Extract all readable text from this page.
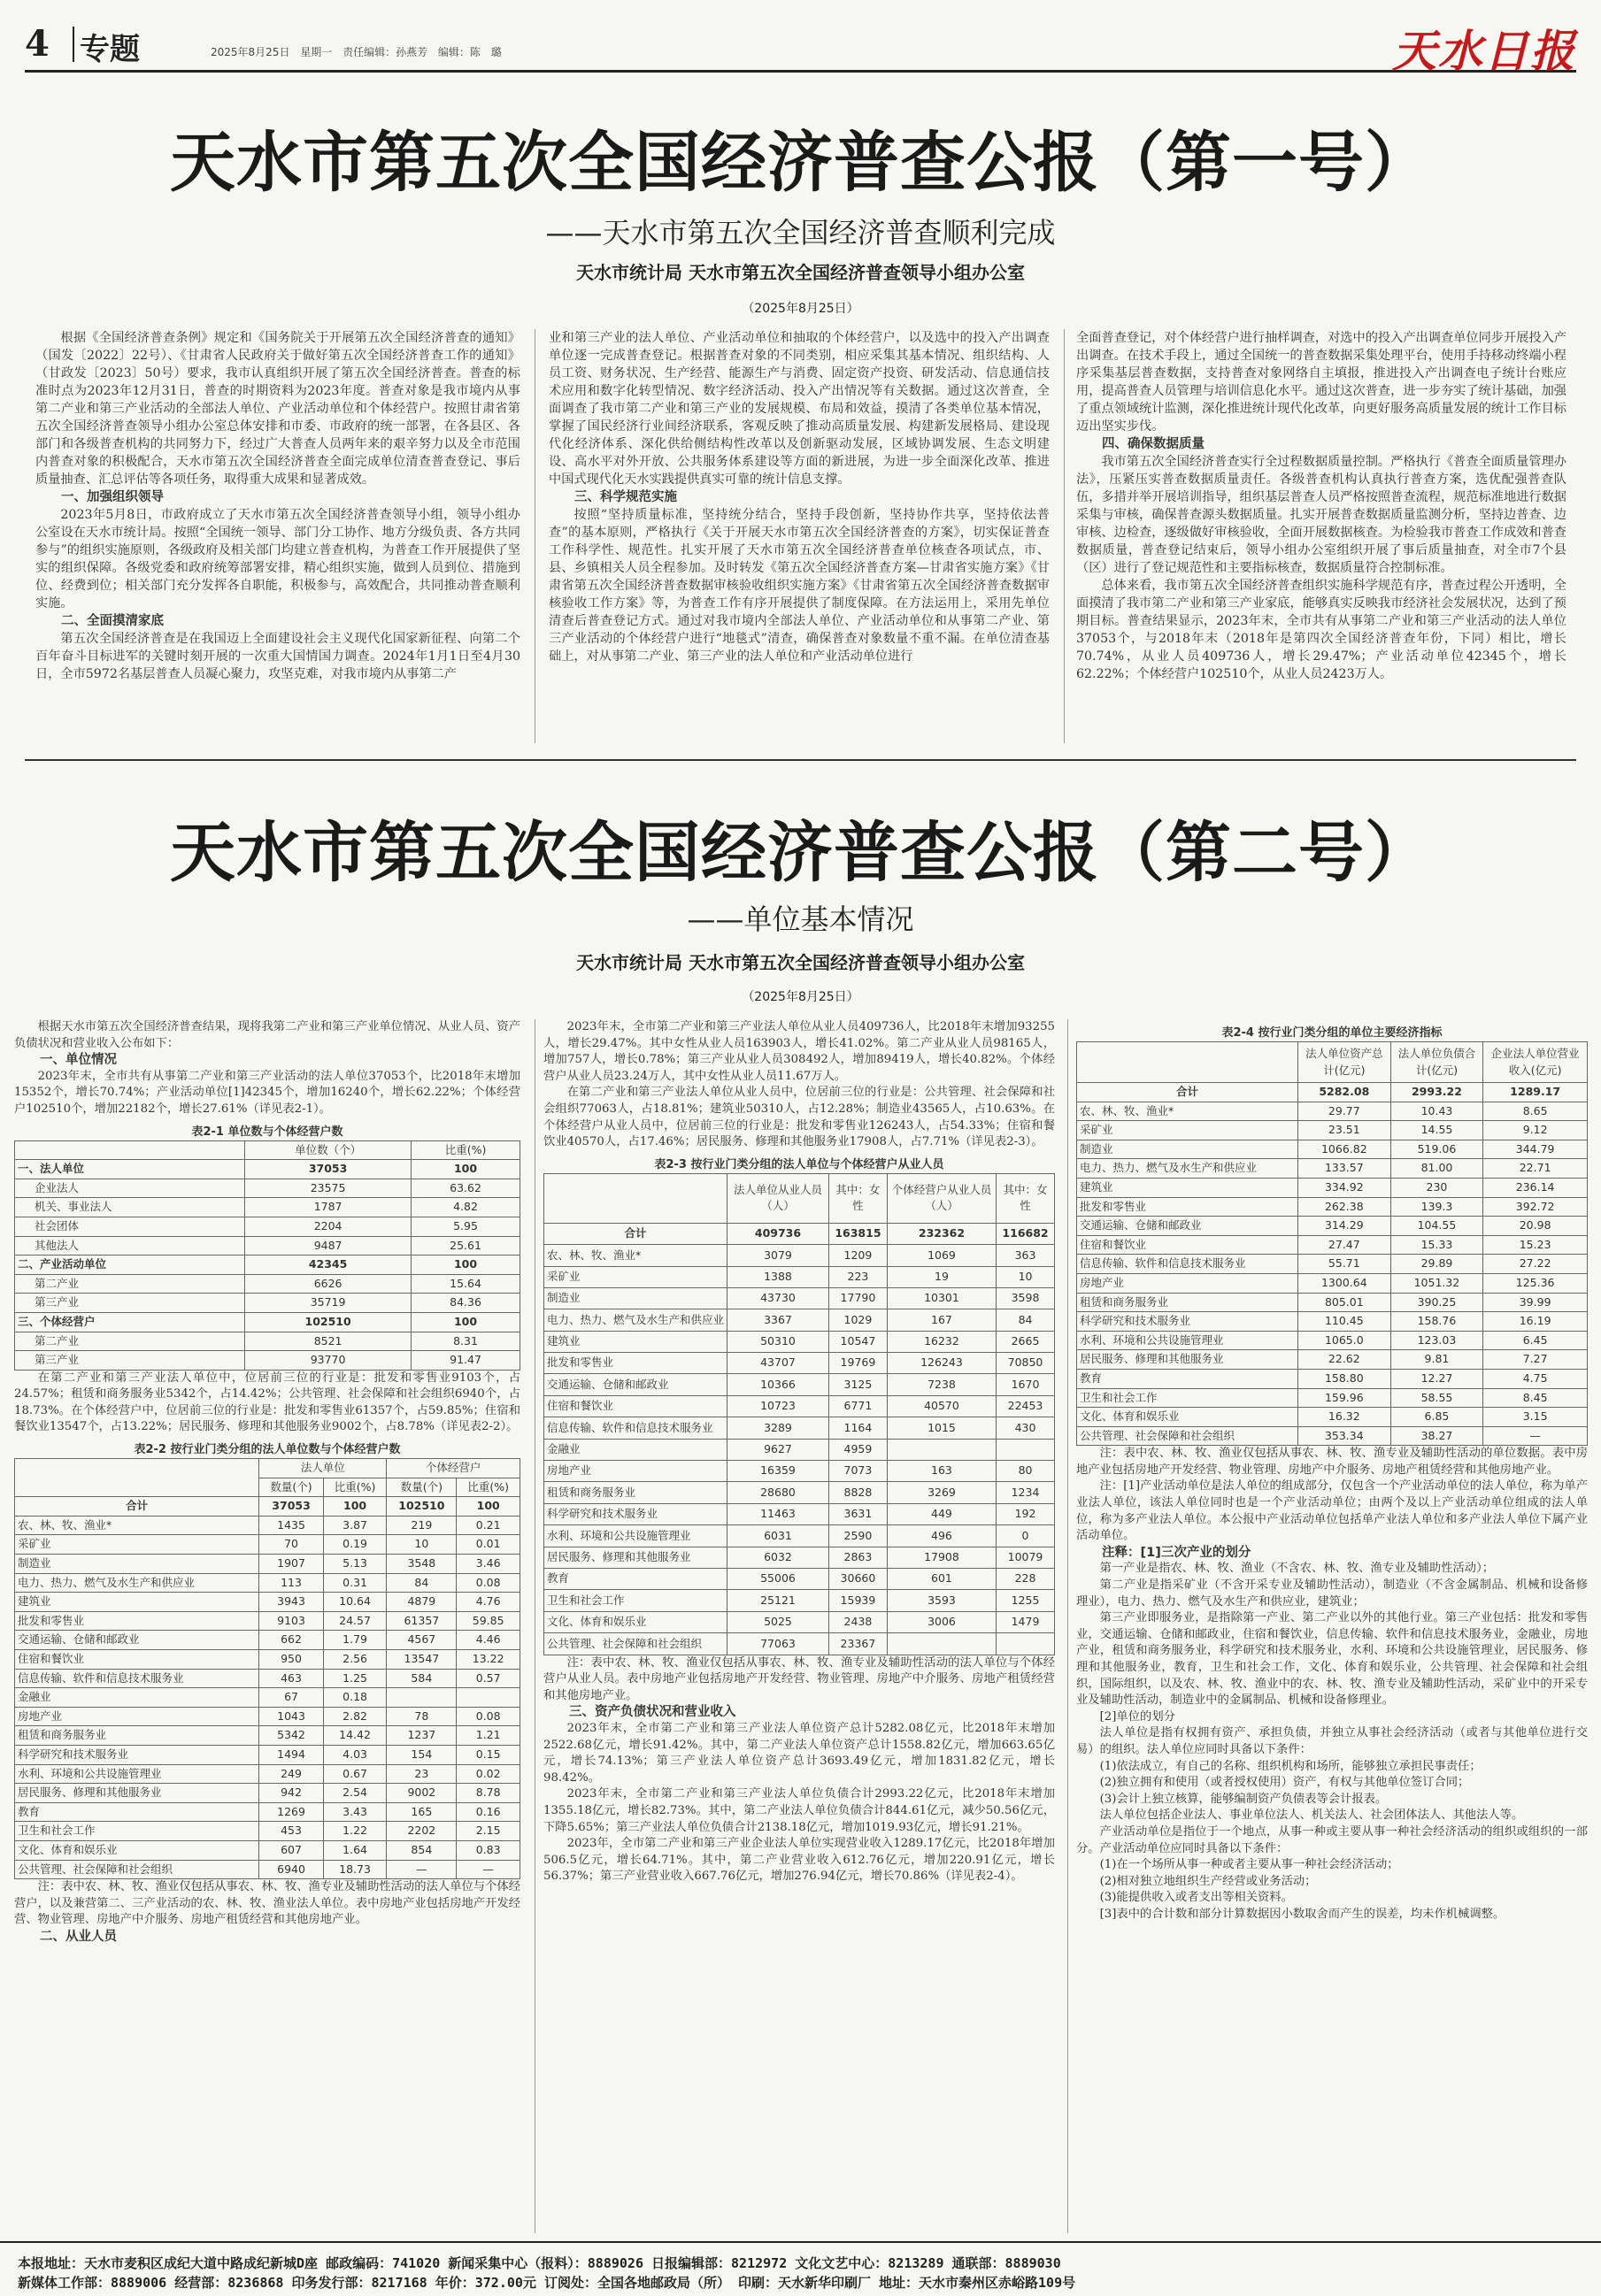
4 专题	2025年8月25日 星期一 责任编辑：孙燕芳 编辑：陈 璐	天水日报
天水市第五次全国经济普查公报（第一号）
——天水市第五次全国经济普查顺利完成
天水市统计局 天水市第五次全国经济普查领导小组办公室
（2025年8月25日）

根据《全国经济普查条例》规定和《国务院关于开展第五次全国经济普查的通知》（国发〔2022〕22号）、《甘肃省人民政府关于做好第五次全国经济普查工作的通知》（甘政发〔2023〕50号）要求，我市认真组织开展了第五次全国经济普查。普查的标准时点为2023年12月31日，普查的时期资料为2023年度。普查对象是我市境内从事第二产业和第三产业活动的全部法人单位、产业活动单位和个体经营户。按照甘肃省第五次全国经济普查领导小组办公室总体安排和市委、市政府的统一部署，在各县区、各部门和各级普查机构的共同努力下，经过广大普查人员两年来的艰辛努力以及全市范围内普查对象的积极配合，天水市第五次全国经济普查全面完成单位清查普查登记、事后质量抽查、汇总评估等各项任务，取得重大成果和显著成效。

一、加强组织领导

2023年5月8日，市政府成立了天水市第五次全国经济普查领导小组，领导小组办公室设在天水市统计局。按照“全国统一领导、部门分工协作、地方分级负责、各方共同参与”的组织实施原则，各级政府及相关部门均建立普查机构，为普查工作开展提供了坚实的组织保障。各级党委和政府统筹部署安排，精心组织实施，做到人员到位、措施到位、经费到位；相关部门充分发挥各自职能，积极参与，高效配合，共同推动普查顺利实施。

二、全面摸清家底

第五次全国经济普查是在我国迈上全面建设社会主义现代化国家新征程、向第二个百年奋斗目标进军的关键时刻开展的一次重大国情国力调查。2024年1月1日至4月30日，全市5972名基层普查人员凝心聚力，攻坚克难，对我市境内从事第二产

业和第三产业的法人单位、产业活动单位和抽取的个体经营户，以及选中的投入产出调查单位逐一完成普查登记。根据普查对象的不同类别，相应采集其基本情况、组织结构、人员工资、财务状况、生产经营、能源生产与消费、固定资产投资、研发活动、信息通信技术应用和数字化转型情况、数字经济活动、投入产出情况等有关数据。通过这次普查，全面调查了我市第二产业和第三产业的发展规模、布局和效益，摸清了各类单位基本情况，掌握了国民经济行业间经济联系，客观反映了推动高质量发展、构建新发展格局、建设现代化经济体系、深化供给侧结构性改革以及创新驱动发展，区域协调发展、生态文明建设、高水平对外开放、公共服务体系建设等方面的新进展，为进一步全面深化改革、推进中国式现代化天水实践提供真实可靠的统计信息支撑。

三、科学规范实施

按照“坚持质量标准，坚持统分结合，坚持手段创新，坚持协作共享，坚持依法普查”的基本原则，严格执行《关于开展天水市第五次全国经济普查的方案》，切实保证普查工作科学性、规范性。扎实开展了天水市第五次全国经济普查单位核查各项试点，市、县、乡镇相关人员全程参加。及时转发《第五次全国经济普查方案—甘肃省实施方案》《甘肃省第五次全国经济普查数据审核验收组织实施方案》《甘肃省第五次全国经济普查数据审核验收工作方案》等，为普查工作有序开展提供了制度保障。在方法运用上，采用先单位清查后普查登记方式。通过对我市境内全部法人单位、产业活动单位和从事第二产业、第三产业活动的个体经营户进行“地毯式”清查，确保普查对象数量不重不漏。在单位清查基础上，对从事第二产业、第三产业的法人单位和产业活动单位进行

全面普查登记，对个体经营户进行抽样调查，对选中的投入产出调查单位同步开展投入产出调查。在技术手段上，通过全国统一的普查数据采集处理平台，使用手持移动终端小程序采集基层普查数据，支持普查对象网络自主填报，推进投入产出调查电子统计台账应用，提高普查人员管理与培训信息化水平。通过这次普查，进一步夯实了统计基础，加强了重点领域统计监测，深化推进统计现代化改革，向更好服务高质量发展的统计工作目标迈出坚实步伐。

四、确保数据质量

我市第五次全国经济普查实行全过程数据质量控制。严格执行《普查全面质量管理办法》，压紧压实普查数据质量责任。各级普查机构认真执行普查方案，选优配强普查队伍，多措并举开展培训指导，组织基层普查人员严格按照普查流程，规范标准地进行数据采集与审核，确保普查源头数据质量。扎实开展普查数据质量监测分析，坚持边普查、边审核、边检查，逐级做好审核验收，全面开展数据核查。为检验我市普查工作成效和普查数据质量，普查登记结束后，领导小组办公室组织开展了事后质量抽查，对全市7个县（区）进行了登记规范性和主要指标核查，数据质量符合控制标准。

总体来看，我市第五次全国经济普查组织实施科学规范有序，普查过程公开透明，全面摸清了我市第二产业和第三产业家底，能够真实反映我市经济社会发展状况，达到了预期目标。普查结果显示，2023年末，全市共有从事第二产业和第三产业活动的法人单位37053个，与2018年末（2018年是第四次全国经济普查年份，下同）相比，增长70.74%，从业人员409736人，增长29.47%；产业活动单位42345个，增长62.22%；个体经营户102510个，从业人员2423万人。

天水市第五次全国经济普查公报（第二号）
——单位基本情况
天水市统计局 天水市第五次全国经济普查领导小组办公室
（2025年8月25日）

根据天水市第五次全国经济普查结果，现将我第二产业和第三产业单位情况、从业人员、资产负债状况和营业收入公布如下：

一、单位情况

2023年末，全市共有从事第二产业和第三产业活动的法人单位37053个，比2018年末增加15352个，增长70.74%；产业活动单位[1]42345个，增加16240个，增长62.22%；个体经营户102510个，增加22182个，增长27.61%（详见表2-1）。

表2-1 单位数与个体经营户数
	单位数（个）	比重(%)
一、法人单位	37053	100
企业法人	23575	63.62
机关、事业法人	1787	4.82
社会团体	2204	5.95
其他法人	9487	25.61
二、产业活动单位	42345	100
第二产业	6626	15.64
第三产业	35719	84.36
三、个体经营户	102510	100
第二产业	8521	8.31
第三产业	93770	91.47

在第二产业和第三产业法人单位中，位居前三位的行业是：批发和零售业9103个，占24.57%；租赁和商务服务业5342个，占14.42%；公共管理、社会保障和社会组织6940个，占18.73%。在个体经营户中，位居前三位的行业是：批发和零售业61357个，占59.85%；住宿和餐饮业13547个，占13.22%；居民服务、修理和其他服务业9002个，占8.78%（详见表2-2）。

表2-2 按行业门类分组的法人单位数与个体经营户数
	法人单位		个体经营户	
	数量(个)	比重(%)	数量(个)	比重(%)
合计	37053	100	102510	100
农、林、牧、渔业*	1435	3.87	219	0.21
采矿业	70	0.19	10	0.01
制造业	1907	5.13	3548	3.46
电力、热力、燃气及水生产和供应业	113	0.31	84	0.08
建筑业	3943	10.64	4879	4.76
批发和零售业	9103	24.57	61357	59.85
交通运输、仓储和邮政业	662	1.79	4567	4.46
住宿和餐饮业	950	2.56	13547	13.22
信息传输、软件和信息技术服务业	463	1.25	584	0.57
金融业	67	0.18		
房地产业	1043	2.82	78	0.08
租赁和商务服务业	5342	14.42	1237	1.21
科学研究和技术服务业	1494	4.03	154	0.15
水利、环境和公共设施管理业	249	0.67	23	0.02
居民服务、修理和其他服务业	942	2.54	9002	8.78
教育	1269	3.43	165	0.16
卫生和社会工作	453	1.22	2202	2.15
文化、体育和娱乐业	607	1.64	854	0.83
公共管理、社会保障和社会组织	6940	18.73	—	—

注：表中农、林、牧、渔业仅包括从事农、林、牧、渔专业及辅助性活动的法人单位与个体经营户，以及兼营第二、三产业活动的农、林、牧、渔业法人单位。表中房地产业包括房地产开发经营、物业管理、房地产中介服务、房地产租赁经营和其他房地产业。

二、从业人员

2023年末，全市第二产业和第三产业法人单位从业人员409736人，比2018年末增加93255人，增长29.47%。其中女性从业人员163903人，增长41.02%。第二产业从业人员98165人，增加757人，增长0.78%；第三产业从业人员308492人，增加89419人，增长40.82%。个体经营户从业人员23.24万人，其中女性从业人员11.67万人。

在第二产业和第三产业法人单位从业人员中，位居前三位的行业是：公共管理、社会保障和社会组织77063人，占18.81%；建筑业50310人，占12.28%；制造业43565人，占10.63%。在个体经营户从业人员中，位居前三位的行业是：批发和零售业126243人，占54.33%；住宿和餐饮业40570人，占17.46%；居民服务、修理和其他服务业17908人，占7.71%（详见表2-3）。

表2-3 按行业门类分组的法人单位与个体经营户从业人员
	法人单位从业人员（人）	其中：女性	个体经营户从业人员（人）	其中：女性
合计	409736	163815	232362	116682
农、林、牧、渔业*	3079	1209	1069	363
采矿业	1388	223	19	10
制造业	43730	17790	10301	3598
电力、热力、燃气及水生产和供应业	3367	1029	167	84
建筑业	50310	10547	16232	2665
批发和零售业	43707	19769	126243	70850
交通运输、仓储和邮政业	10366	3125	7238	1670
住宿和餐饮业	10723	6771	40570	22453
信息传输、软件和信息技术服务业	3289	1164	1015	430
金融业	9627	4959		
房地产业	16359	7073	163	80
租赁和商务服务业	28680	8828	3269	1234
科学研究和技术服务业	11463	3631	449	192
水利、环境和公共设施管理业	6031	2590	496	0
居民服务、修理和其他服务业	6032	2863	17908	10079
教育	55006	30660	601	228
卫生和社会工作	25121	15939	3593	1255
文化、体育和娱乐业	5025	2438	3006	1479
公共管理、社会保障和社会组织	77063	23367		

注：表中农、林、牧、渔业仅包括从事农、林、牧、渔专业及辅助性活动的法人单位与个体经营户从业人员。表中房地产业包括房地产开发经营、物业管理、房地产中介服务、房地产租赁经营和其他房地产业。

三、资产负债状况和营业收入

2023年末，全市第二产业和第三产业法人单位资产总计5282.08亿元，比2018年末增加2522.68亿元，增长91.42%。其中，第二产业法人单位资产总计1558.82亿元，增加663.65亿元，增长74.13%；第三产业法人单位资产总计3693.49亿元，增加1831.82亿元，增长98.42%。

2023年末，全市第二产业和第三产业法人单位负债合计2993.22亿元，比2018年末增加1355.18亿元，增长82.73%。其中，第二产业法人单位负债合计844.61亿元，减少50.56亿元，下降5.65%；第三产业法人单位负债合计2138.18亿元，增加1019.93亿元，增长91.21%。

2023年，全市第二产业和第三产业企业法人单位实现营业收入1289.17亿元，比2018年增加506.5亿元，增长64.71%。其中，第二产业营业收入612.76亿元，增加220.91亿元，增长56.37%；第三产业营业收入667.76亿元，增加276.94亿元，增长70.86%（详见表2-4）。

表2-4 按行业门类分组的单位主要经济指标
	法人单位资产总计(亿元)	法人单位负债合计(亿元)	企业法人单位营业收入(亿元)
合计	5282.08	2993.22	1289.17
农、林、牧、渔业*	29.77	10.43	8.65
采矿业	23.51	14.55	9.12
制造业	1066.82	519.06	344.79
电力、热力、燃气及水生产和供应业	133.57	81.00	22.71
建筑业	334.92	230	236.14
批发和零售业	262.38	139.3	392.72
交通运输、仓储和邮政业	314.29	104.55	20.98
住宿和餐饮业	27.47	15.33	15.23
信息传输、软件和信息技术服务业	55.71	29.89	27.22
房地产业	1300.64	1051.32	125.36
租赁和商务服务业	805.01	390.25	39.99
科学研究和技术服务业	110.45	158.76	16.19
水利、环境和公共设施管理业	1065.0	123.03	6.45
居民服务、修理和其他服务业	22.62	9.81	7.27
教育	158.80	12.27	4.75
卫生和社会工作	159.96	58.55	8.45
文化、体育和娱乐业	16.32	6.85	3.15
公共管理、社会保障和社会组织	353.34	38.27	—

注：表中农、林、牧、渔业仅包括从事农、林、牧、渔专业及辅助性活动的单位数据。表中房地产业包括房地产开发经营、物业管理、房地产中介服务、房地产租赁经营和其他房地产业。

注：[1]产业活动单位是法人单位的组成部分，仅包含一个产业活动单位的法人单位，称为单产业法人单位，该法人单位同时也是一个产业活动单位；由两个及以上产业活动单位组成的法人单位，称为多产业法人单位。本公报中产业活动单位包括单产业法人单位和多产业法人单位下属产业活动单位。

注释：[1]三次产业的划分

第一产业是指农、林、牧、渔业（不含农、林、牧、渔专业及辅助性活动）；

第二产业是指采矿业（不含开采专业及辅助性活动），制造业（不含金属制品、机械和设备修理业），电力、热力、燃气及水生产和供应业，建筑业；

第三产业即服务业，是指除第一产业、第二产业以外的其他行业。第三产业包括：批发和零售业，交通运输、仓储和邮政业，住宿和餐饮业，信息传输、软件和信息技术服务业，金融业，房地产业，租赁和商务服务业，科学研究和技术服务业，水利、环境和公共设施管理业，居民服务、修理和其他服务业，教育，卫生和社会工作，文化、体育和娱乐业，公共管理、社会保障和社会组织，国际组织，以及农、林、牧、渔业中的农、林、牧、渔专业及辅助性活动，采矿业中的开采专业及辅助性活动，制造业中的金属制品、机械和设备修理业。

[2]单位的划分

法人单位是指有权拥有资产、承担负债，并独立从事社会经济活动（或者与其他单位进行交易）的组织。法人单位应同时具备以下条件：

(1)依法成立，有自己的名称、组织机构和场所，能够独立承担民事责任；

(2)独立拥有和使用（或者授权使用）资产，有权与其他单位签订合同；

(3)会计上独立核算，能够编制资产负债表等会计报表。

法人单位包括企业法人、事业单位法人、机关法人、社会团体法人、其他法人等。

产业活动单位是指位于一个地点，从事一种或主要从事一种社会经济活动的组织或组织的一部分。产业活动单位应同时具备以下条件：

(1)在一个场所从事一种或者主要从事一种社会经济活动；

(2)相对独立地组织生产经营或业务活动；

(3)能提供收入或者支出等相关资料。

[3]表中的合计数和部分计算数据因小数取舍而产生的误差，均未作机械调整。

本报地址：天水市麦积区成纪大道中路成纪新城D座 邮政编码：741020 新闻采集中心（报料）：8889026 日报编辑部：8212972 文化文艺中心：8213289 通联部：8889030
新媒体工作部：8889006 经营部：8236868 印务发行部：8217168 年价：372.00元 订阅处：全国各地邮政局（所） 印刷：天水新华印刷厂 地址：天水市秦州区赤峪路109号
